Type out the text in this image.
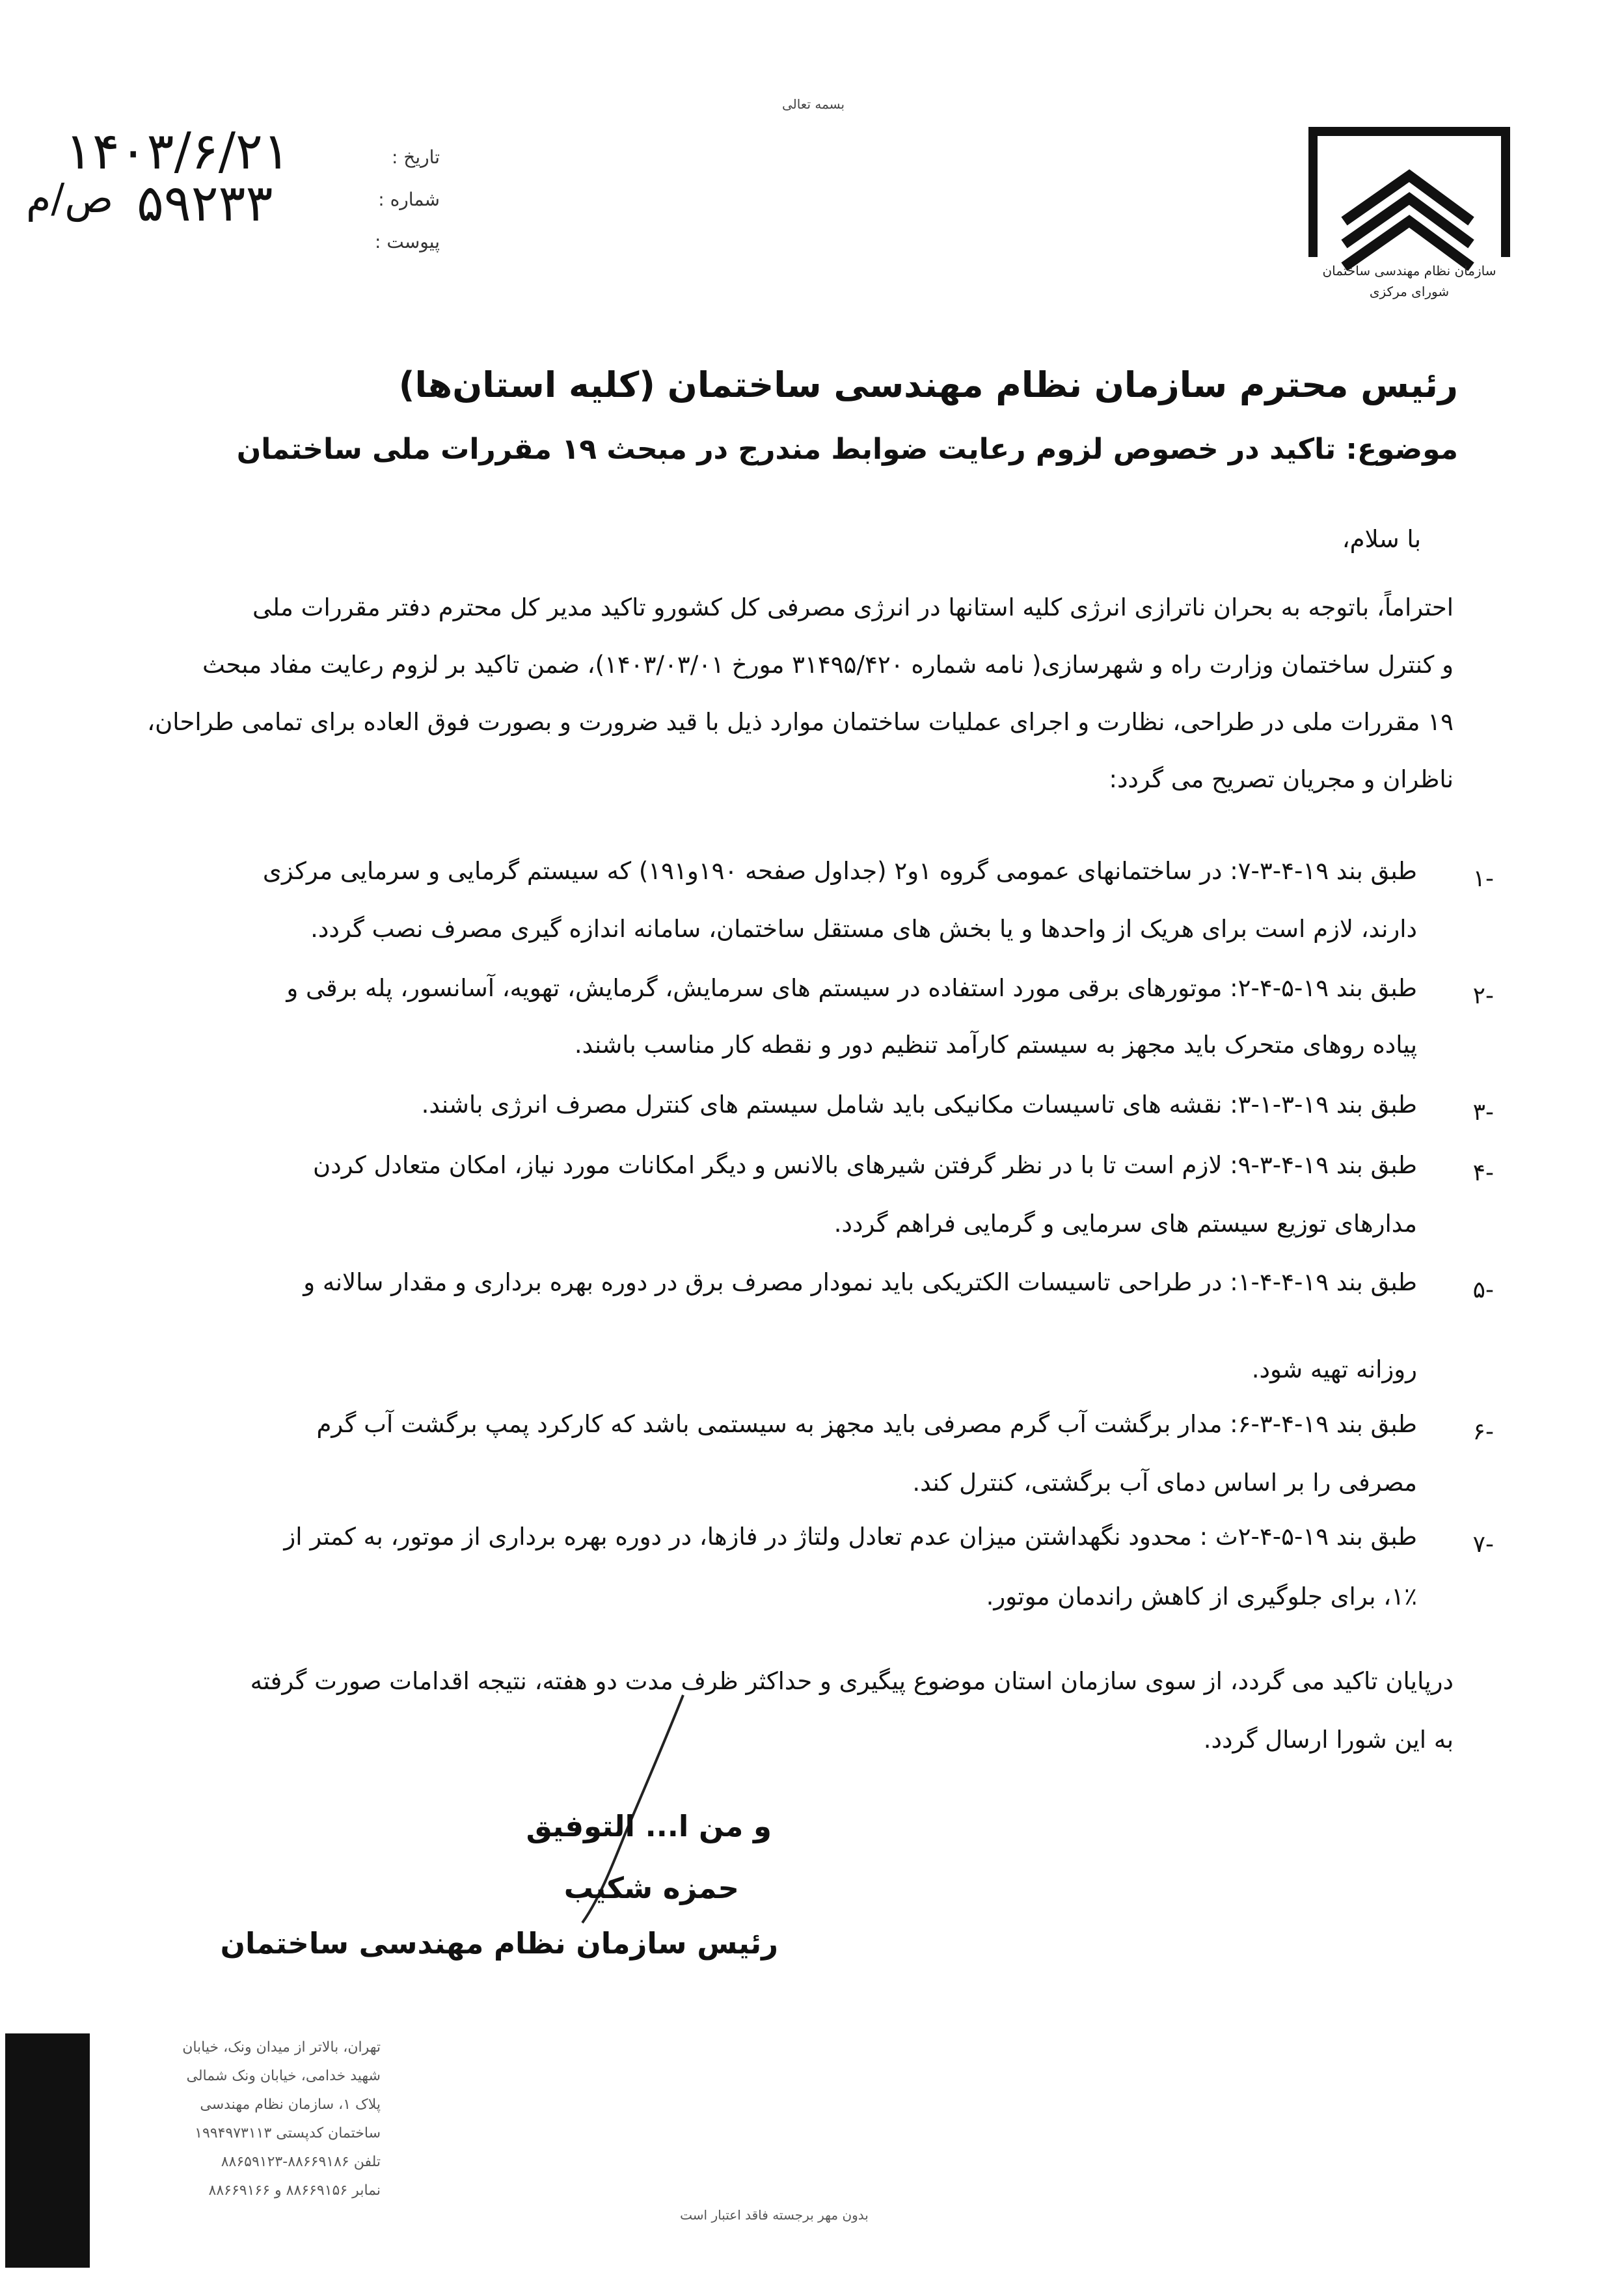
بسمه تعالی
سازمان نظام مهندسی ساختمان
شورای مرکزی
تاریخ :
شماره :
پیوست :
۱۴۰۳/۶/۲۱
۵۹۲۳۳
ص/م
رئیس محترم سازمان نظام مهندسی ساختمان (کلیه استان‌ها)
موضوع: تاکید در خصوص لزوم رعایت ضوابط مندرج در مبحث ۱۹ مقررات ملی ساختمان
با سلام،
احتراماً، باتوجه به بحران ناترازی انرژی کلیه استانها در انرژی مصرفی کل کشورو تاکید مدیر کل محترم دفتر مقررات ملی
و کنترل ساختمان وزارت راه و شهرسازی( نامه شماره ۳۱۴۹۵/۴۲۰ مورخ ۱۴۰۳/۰۳/۰۱)، ضمن تاکید بر لزوم رعایت مفاد مبحث
۱۹ مقررات ملی در طراحی، نظارت و اجرای عملیات ساختمان موارد ذیل با قید ضرورت و بصورت فوق العاده برای تمامی طراحان،
ناظران و مجریان تصریح می گردد:
۱-
طبق بند ۱۹-۴-۳-۷: در ساختمانهای عمومی گروه ۱و۲ (جداول صفحه ۱۹۰و۱۹۱) که سیستم گرمایی و سرمایی مرکزی
دارند، لازم است برای هریک از واحدها و یا بخش های مستقل ساختمان، سامانه اندازه گیری مصرف نصب گردد.
۲-
طبق بند ۱۹-۵-۴-۲: موتورهای برقی مورد استفاده در سیستم های سرمایش، گرمایش، تهویه، آسانسور، پله برقی و
پیاده روهای متحرک باید مجهز به سیستم کارآمد تنظیم دور و نقطه کار مناسب باشند.
۳-
طبق بند ۱۹-۳-۱-۳: نقشه های تاسیسات مکانیکی باید شامل سیستم های کنترل مصرف انرژی باشند.
۴-
طبق بند ۱۹-۴-۳-۹: لازم است تا با در نظر گرفتن شیرهای بالانس و دیگر امکانات مورد نیاز، امکان متعادل کردن
مدارهای توزیع سیستم های سرمایی و گرمایی فراهم گردد.
۵-
طبق بند ۱۹-۴-۴-۱: در طراحی تاسیسات الکتریکی باید نمودار مصرف برق در دوره بهره برداری و مقدار سالانه و
روزانه تهیه شود.
۶-
طبق بند ۱۹-۴-۳-۶: مدار برگشت آب گرم مصرفی باید مجهز به سیستمی باشد که کارکرد پمپ برگشت آب گرم
مصرفی را بر اساس دمای آب برگشتی، کنترل کند.
۷-
طبق بند ۱۹-۵-۴-۲ث : محدود نگهداشتن میزان عدم تعادل ولتاژ در فازها، در دوره بهره برداری از موتور، به کمتر از
۱٪، برای جلوگیری از کاهش راندمان موتور.
درپایان تاکید می گردد، از سوی سازمان استان موضوع پیگیری و حداکثر ظرف مدت دو هفته، نتیجه اقدامات صورت گرفته
به این شورا ارسال گردد.
و من ا... التوفیق
حمزه شکیب
رئیس سازمان نظام مهندسی ساختمان
تهران، بالاتر از میدان ونک، خیابان
شهید خدامی، خیابان ونک شمالی
پلاک ۱، سازمان نظام مهندسی
ساختمان کدپستی ۱۹۹۴۹۷۳۱۱۳
تلفن ۸۸۶۶۹۱۸۶-۸۸۶۵۹۱۲۳
نمابر ۸۸۶۶۹۱۵۶ و ۸۸۶۶۹۱۶۶
بدون مهر برجسته فاقد اعتبار است
